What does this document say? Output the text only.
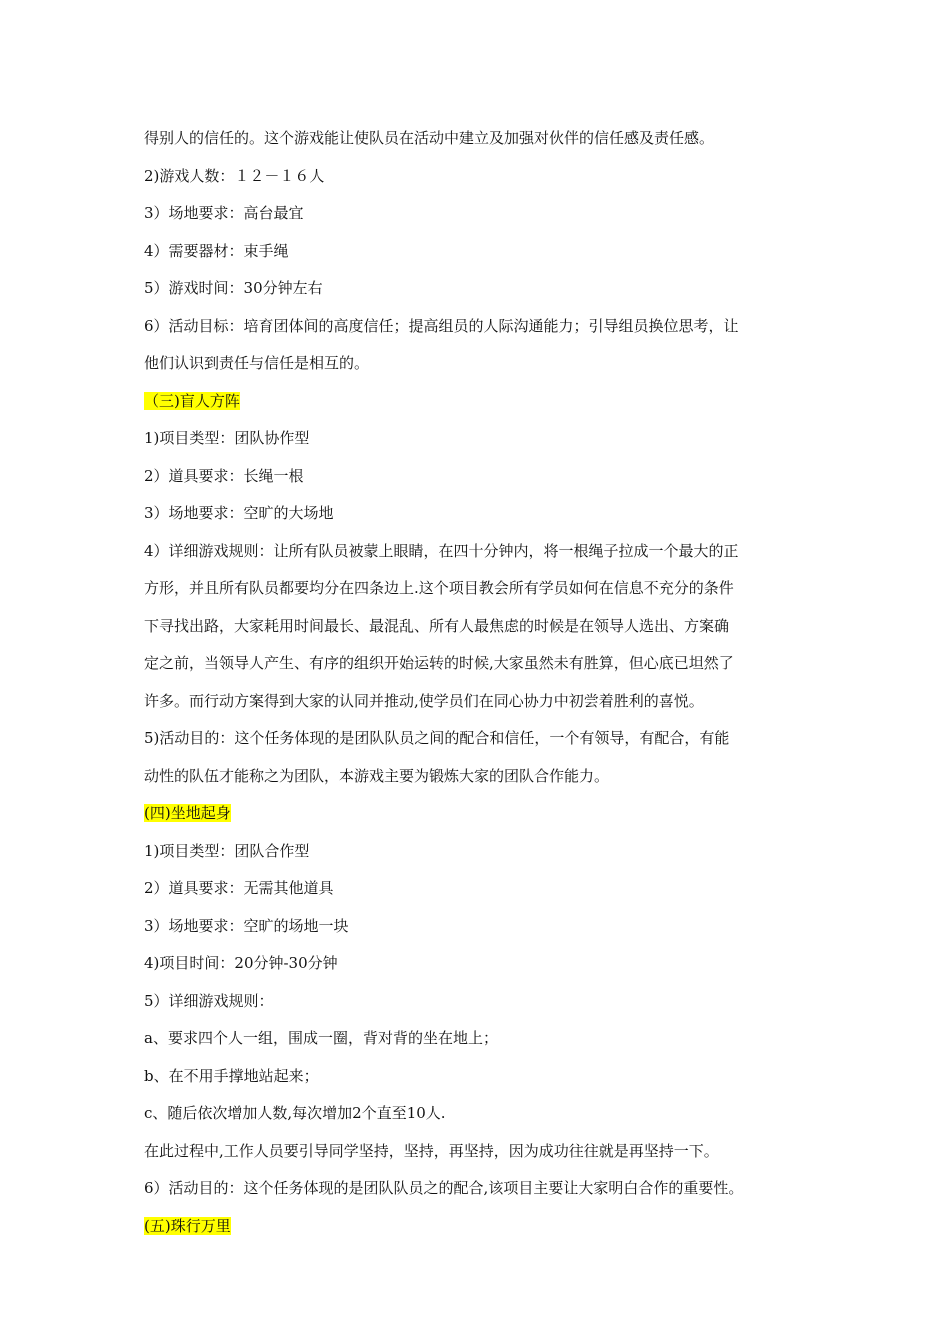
得别人的信任的。这个游戏能让使队员在活动中建立及加强对伙伴的信任感及责任感。

2)游戏人数：１２－１６人

3）场地要求：高台最宜

4）需要器材：束手绳

5）游戏时间：30分钟左右

6）活动目标：培育团体间的高度信任；提高组员的人际沟通能力；引导组员换位思考，让

他们认识到责任与信任是相互的。

（三)盲人方阵

1)项目类型：团队协作型

2）道具要求：长绳一根

3）场地要求：空旷的大场地

4）详细游戏规则：让所有队员被蒙上眼睛，在四十分钟内，将一根绳子拉成一个最大的正

方形，并且所有队员都要均分在四条边上.这个项目教会所有学员如何在信息不充分的条件

下寻找出路，大家耗用时间最长、最混乱、所有人最焦虑的时候是在领导人选出、方案确

定之前，当领导人产生、有序的组织开始运转的时候,大家虽然未有胜算，但心底已坦然了

许多。而行动方案得到大家的认同并推动,使学员们在同心协力中初尝着胜利的喜悦。

5)活动目的：这个任务体现的是团队队员之间的配合和信任，一个有领导，有配合，有能

动性的队伍才能称之为团队，本游戏主要为锻炼大家的团队合作能力。

(四)坐地起身

1)项目类型：团队合作型

2）道具要求：无需其他道具

3）场地要求：空旷的场地一块

4)项目时间：20分钟-30分钟

5）详细游戏规则：

a、要求四个人一组，围成一圈，背对背的坐在地上；

b、在不用手撑地站起来；

c、随后依次增加人数,每次增加2个直至10人.

在此过程中,工作人员要引导同学坚持，坚持，再坚持，因为成功往往就是再坚持一下。

6）活动目的：这个任务体现的是团队队员之的配合,该项目主要让大家明白合作的重要性。

(五)珠行万里
